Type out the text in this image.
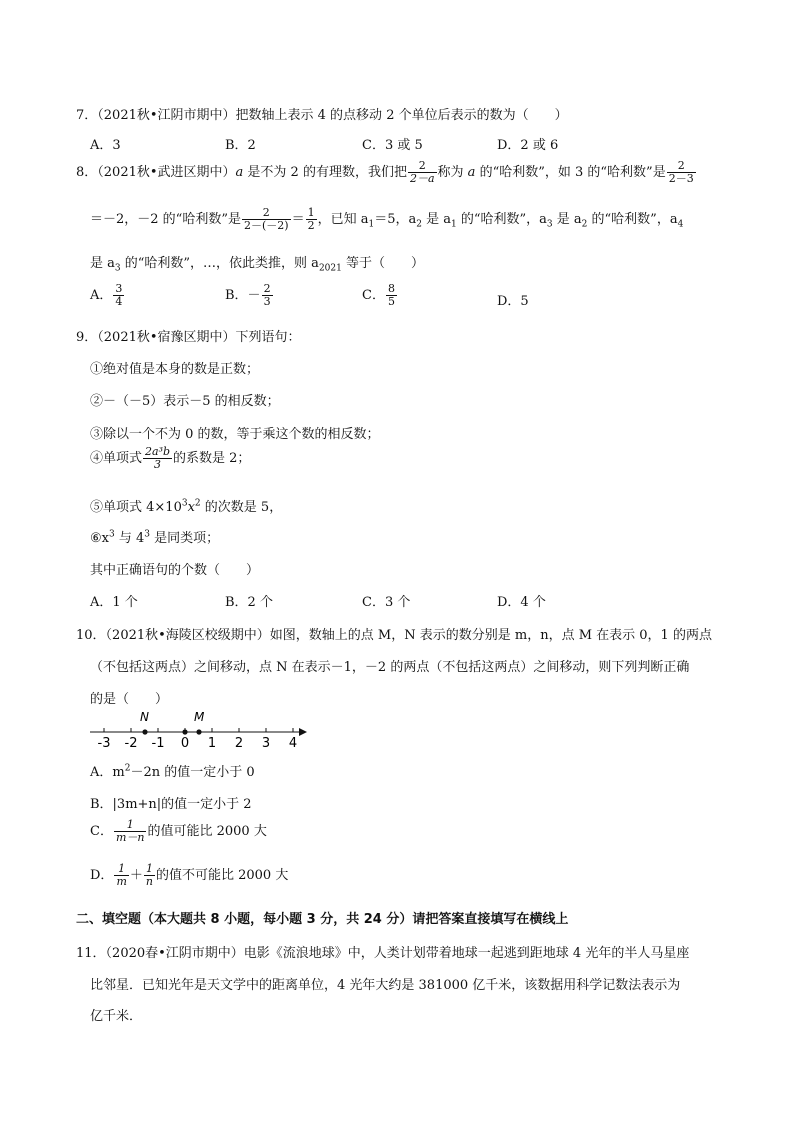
7．（2021秋•江阴市期中）把数轴上表示 4 的点移动 2 个单位后表示的数为（　　）
A．3	B．2	C．3 或 5	D．2 或 6
8．（2021秋•武进区期中）a 是不为 2 的有理数，我们把 $\frac{2}{2-a}$ 称为 a 的“哈利数”，如 3 的“哈利数”是 $\frac{2}{2-3}$
＝－2，－2 的“哈利数”是 $\frac{2}{2-(-2)} = \frac{1}{2}$ ，已知 $a_1=5$，$a_2$ 是 $a_1$ 的“哈利数”，$a_3$ 是 $a_2$ 的“哈利数”，$a_4$
是 $a_3$ 的“哈利数”，…，依此类推，则 $a_{2021}$ 等于（　　）
A． $\frac{3}{4}$	B．－ $\frac{2}{3}$	C． $\frac{8}{5}$	D．5
9．（2021秋•宿豫区期中）下列语句：
①绝对值是本身的数是正数；
②－（－5）表示－5 的相反数；
③除以一个不为 0 的数，等于乘这个数的相反数；
④单项式 $\frac{\text{2a³b}}{3}$ 的系数是 2；
⑤单项式 $4\times 10^3x^2$ 的次数是 5，
$⑥x^3$ 与 $4^3$ 是同类项；
其中正确语句的个数（　　）
A．1 个	B．2 个	C．3 个	D．4 个
10．（2021秋•海陵区校级期中）如图，数轴上的点 M，N 表示的数分别是 m，n，点 M 在表示 0，1 的两点
（不包括这两点）之间移动，点 N 在表示－1，－2 的两点（不包括这两点）之间移动，则下列判断正确
的是（　　）
-3 -2 -1 0 1 2 3 4
N	M
A．$m^2-2n$ 的值一定小于 0
B．|3m+n|的值一定小于 2
C． $\frac{1}{m-n}$ 的值可能比 2000 大
D． $\frac{1}{m} + \frac{1}{n}$ 的值不可能比 2000 大
二、填空题（本大题共 8 小题，每小题 3 分，共 24 分）请把答案直接填写在横线上
11．（2020春•江阴市期中）电影《流浪地球》中，人类计划带着地球一起逃到距地球 4 光年的半人马星座
比邻星．已知光年是天文学中的距离单位，4 光年大约是 381000 亿千米，该数据用科学记数法表示为
亿千米．
